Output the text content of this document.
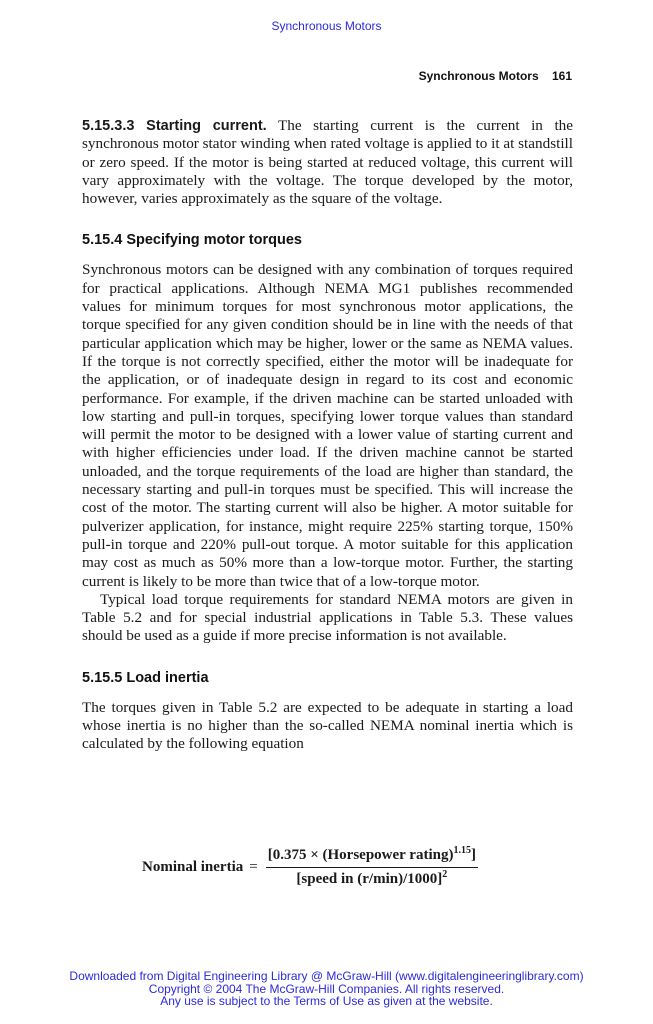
Synchronous Motors
Synchronous Motors 161

5.15.3.3 Starting current. The starting current is the current in the synchronous motor stator winding when rated voltage is applied to it at standstill or zero speed. If the motor is being started at reduced voltage, this current will vary approximately with the voltage. The torque developed by the motor, however, varies approximately as the square of the voltage.

5.15.4 Specifying motor torques

Synchronous motors can be designed with any combination of torques required for practical applications. Although NEMA MG1 publishes recommended values for minimum torques for most synchronous motor applications, the torque specified for any given condition should be in line with the needs of that particular application which may be higher, lower or the same as NEMA values. If the torque is not correctly specified, either the motor will be inadequate for the application, or of inadequate design in regard to its cost and economic performance. For example, if the driven machine can be started unloaded with low starting and pull-in torques, specifying lower torque values than standard will permit the motor to be designed with a lower value of starting current and with higher efficiencies under load. If the driven machine cannot be started unloaded, and the torque requirements of the load are higher than standard, the necessary starting and pull-in torques must be specified. This will increase the cost of the motor. The starting current will also be higher. A motor suitable for pulverizer application, for instance, might require 225% starting torque, 150% pull-in torque and 220% pull-out torque. A motor suitable for this application may cost as much as 50% more than a low-torque motor. Further, the starting current is likely to be more than twice that of a low-torque motor.

Typical load torque requirements for standard NEMA motors are given in Table 5.2 and for special industrial applications in Table 5.3. These values should be used as a guide if more precise information is not available.

5.15.5 Load inertia

The torques given in Table 5.2 are expected to be adequate in starting a load whose inertia is no higher than the so-called NEMA nominal inertia which is calculated by the following equation

Nominal inertia = $\frac{[0.375 \times (Horsepower rating)^{1.15}]}{[speed in (r/\min)/1000]^2}$
Downloaded from Digital Engineering Library @ McGraw-Hill (www.digitalengineeringlibrary.com)
Copyright © 2004 The McGraw-Hill Companies. All rights reserved.
Any use is subject to the Terms of Use as given at the website.
